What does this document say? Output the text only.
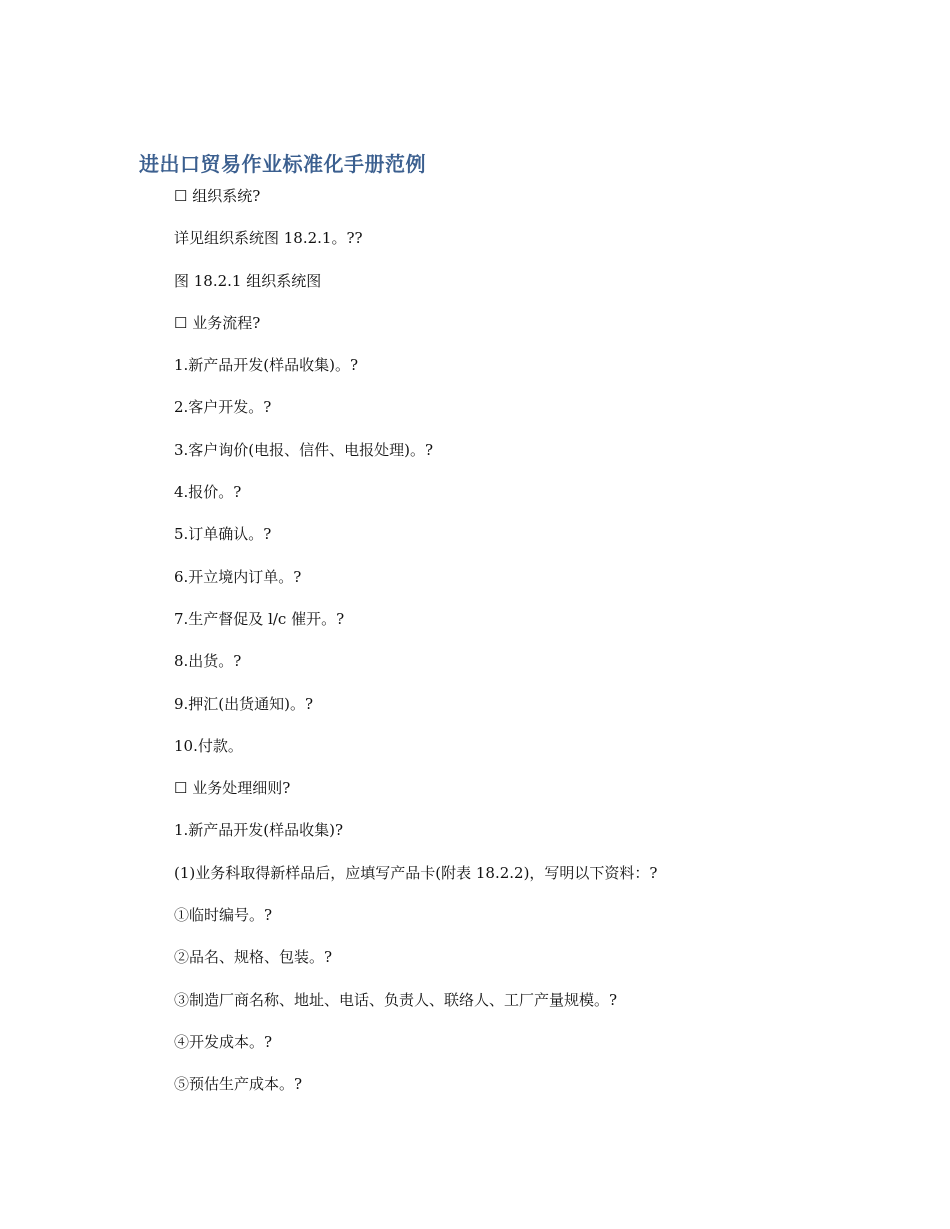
进出口贸易作业标准化手册范例
☐ 组织系统?
详见组织系统图 18.2.1。??
图 18.2.1 组织系统图
☐ 业务流程?
1.新产品开发(样品收集)。?
2.客户开发。?
3.客户询价(电报、信件、电报处理)。?
4.报价。?
5.订单确认。?
6.开立境内订单。?
7.生产督促及 l/c 催开。?
8.出货。?
9.押汇(出货通知)。?
10.付款。
☐ 业务处理细则?
1.新产品开发(样品收集)?
(1)业务科取得新样品后，应填写产品卡(附表 18.2.2)，写明以下资料：?
①临时编号。?
②品名、规格、包装。?
③制造厂商名称、地址、电话、负责人、联络人、工厂产量规模。?
④开发成本。?
⑤预估生产成本。?
